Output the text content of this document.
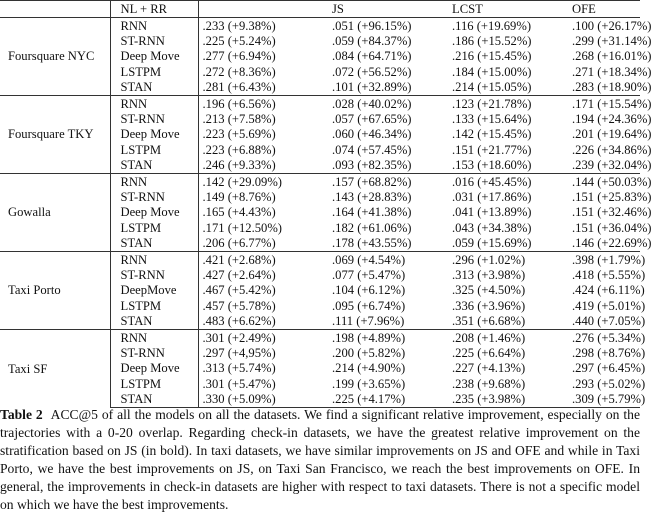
	NL + RR		JS	LCST	OFE
Foursquare NYC	RNN	.233 (+9.38%)	.051 (+96.15%)	.116 (+19.69%)	.100 (+26.17%)
	ST-RNN	.225 (+5.24%)	.059 (+84.37%)	.186 (+15.52%)	.299 (+31.14%)
	Deep Move	.277 (+6.94%)	.084 (+64.71%)	.216 (+15.45%)	.268 (+16.01%)
	LSTPM	.272 (+8.36%)	.072 (+56.52%)	.184 (+15.00%)	.271 (+18.34%)
	STAN	.281 (+6.43%)	.101 (+32.89%)	.214 (+15.05%)	.283 (+18.90%)
Foursquare TKY	RNN	.196 (+6.56%)	.028 (+40.02%)	.123 (+21.78%)	.171 (+15.54%)
	ST-RNN	.213 (+7.58%)	.057 (+67.65%)	.133 (+15.64%)	.194 (+24.36%)
	Deep Move	.223 (+5.69%)	.060 (+46.34%)	.142 (+15.45%)	.201 (+19.64%)
	LSTPM	.223 (+6.88%)	.074 (+57.45%)	.151 (+21.77%)	.226 (+34.86%)
	STAN	.246 (+9.33%)	.093 (+82.35%)	.153 (+18.60%)	.239 (+32.04%)
Gowalla	RNN	.142 (+29.09%)	.157 (+68.82%)	.016 (+45.45%)	.144 (+50.03%)
	ST-RNN	.149 (+8.76%)	.143 (+28.83%)	.031 (+17.86%)	.151 (+25.83%)
	Deep Move	.165 (+4.43%)	.164 (+41.38%)	.041 (+13.89%)	.151 (+32.46%)
	LSTPM	.171 (+12.50%)	.182 (+61.06%)	.043 (+34.38%)	.151 (+36.04%)
	STAN	.206 (+6.77%)	.178 (+43.55%)	.059 (+15.69%)	.146 (+22.69%)
Taxi Porto	RNN	.421 (+2.68%)	.069 (+4.54%)	.296 (+1.02%)	.398 (+1.79%)
	ST-RNN	.427 (+2.64%)	.077 (+5.47%)	.313 (+3.98%)	.418 (+5.55%)
	DeepMove	.467 (+5.42%)	.104 (+6.12%)	.325 (+4.50%)	.424 (+6.11%)
	LSTPM	.457 (+5.78%)	.095 (+6.74%)	.336 (+3.96%)	.419 (+5.01%)
	STAN	.483 (+6.62%)	.111 (+7.96%)	.351 (+6.68%)	.440 (+7.05%)
Taxi SF	RNN	.301 (+2.49%)	.198 (+4.89%)	.208 (+1.46%)	.276 (+5.34%)
	ST-RNN	.297 (+4,95%)	.200 (+5.82%)	.225 (+6.64%)	.298 (+8.76%)
	Deep Move	.313 (+5.74%)	.214 (+4.90%)	.227 (+4.13%)	.297 (+6.45%)
	LSTPM	.301 (+5.47%)	.199 (+3.65%)	.238 (+9.68%)	.293 (+5.02%)
	STAN	.330 (+5.09%)	.225 (+4.17%)	.235 (+3.98%)	.309 (+5.79%)

Table 2 ACC@5 of all the models on all the datasets. We find a significant relative improvement, especially on the trajectories with a 0-20 overlap. Regarding check-in datasets, we have the greatest relative improvement on the stratification based on JS (in bold). In taxi datasets, we have similar improvements on JS and OFE and while in Taxi Porto, we have the best improvements on JS, on Taxi San Francisco, we reach the best improvements on OFE. In general, the improvements in check-in datasets are higher with respect to taxi datasets. There is not a specific model on which we have the best improvements.
